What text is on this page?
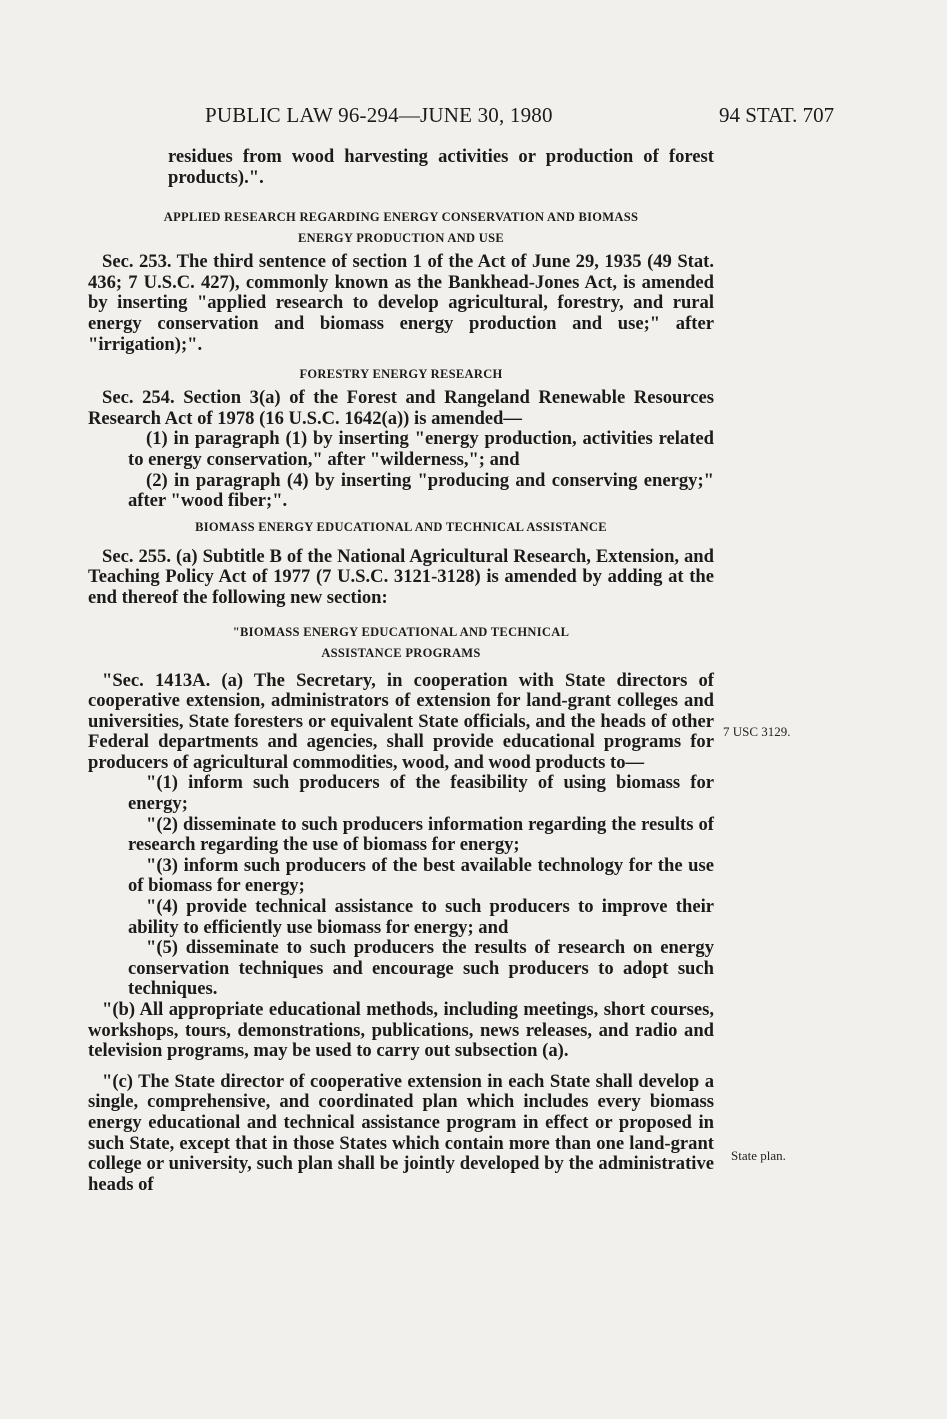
PUBLIC LAW 96-294—JUNE 30, 1980	94 STAT. 707
7 USC 3129.
State plan.

residues from wood harvesting activities or production of forest products).".

APPLIED RESEARCH REGARDING ENERGY CONSERVATION AND BIOMASS

ENERGY PRODUCTION AND USE

Sec. 253. The third sentence of section 1 of the Act of June 29, 1935 (49 Stat. 436; 7 U.S.C. 427), commonly known as the Bankhead-Jones Act, is amended by inserting "applied research to develop agricultural, forestry, and rural energy conservation and biomass energy production and use;" after "irrigation);".

FORESTRY ENERGY RESEARCH

Sec. 254. Section 3(a) of the Forest and Rangeland Renewable Resources Research Act of 1978 (16 U.S.C. 1642(a)) is amended—

(1) in paragraph (1) by inserting "energy production, activities related to energy conservation," after "wilderness,"; and

(2) in paragraph (4) by inserting "producing and conserving energy;" after "wood fiber;".

BIOMASS ENERGY EDUCATIONAL AND TECHNICAL ASSISTANCE

Sec. 255. (a) Subtitle B of the National Agricultural Research, Extension, and Teaching Policy Act of 1977 (7 U.S.C. 3121-3128) is amended by adding at the end thereof the following new section:

"BIOMASS ENERGY EDUCATIONAL AND TECHNICAL

ASSISTANCE PROGRAMS

"Sec. 1413A. (a) The Secretary, in cooperation with State directors of cooperative extension, administrators of extension for land-grant colleges and universities, State foresters or equivalent State officials, and the heads of other Federal departments and agencies, shall provide educational programs for producers of agricultural commodities, wood, and wood products to—

"(1) inform such producers of the feasibility of using biomass for energy;

"(2) disseminate to such producers information regarding the results of research regarding the use of biomass for energy;

"(3) inform such producers of the best available technology for the use of biomass for energy;

"(4) provide technical assistance to such producers to improve their ability to efficiently use biomass for energy; and

"(5) disseminate to such producers the results of research on energy conservation techniques and encourage such producers to adopt such techniques.

"(b) All appropriate educational methods, including meetings, short courses, workshops, tours, demonstrations, publications, news releases, and radio and television programs, may be used to carry out subsection (a).

"(c) The State director of cooperative extension in each State shall develop a single, comprehensive, and coordinated plan which includes every biomass energy educational and technical assistance program in effect or proposed in such State, except that in those States which contain more than one land-grant college or university, such plan shall be jointly developed by the administrative heads of
